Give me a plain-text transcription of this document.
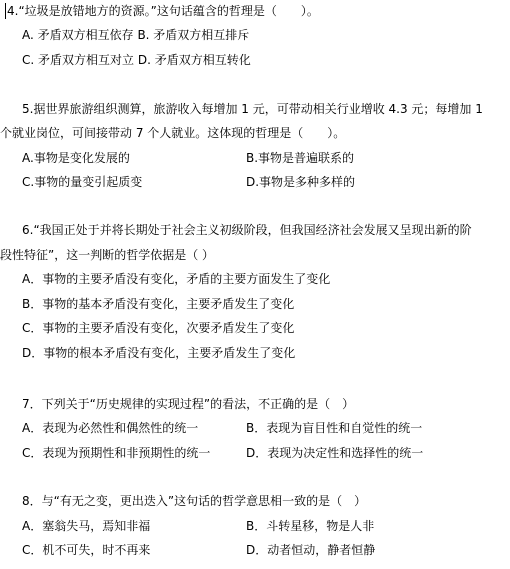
4.“垃圾是放错地方的资源。”这句话蕴含的哲理是（　　）。
A. 矛盾双方相互依存 B. 矛盾双方相互排斥
C. 矛盾双方相互对立 D. 矛盾双方相互转化
5.据世界旅游组织测算，旅游收入每增加 1 元，可带动相关行业增收 4.3 元；每增加 1
个就业岗位，可间接带动 7 个人就业。这体现的哲理是（　　）。
A.事物是变化发展的	B.事物是普遍联系的
C.事物的量变引起质变	D.事物是多种多样的
6.“我国正处于并将长期处于社会主义初级阶段，但我国经济社会发展又呈现出新的阶
段性特征”，这一判断的哲学依据是（ ）
A．事物的主要矛盾没有变化，矛盾的主要方面发生了变化
B．事物的基本矛盾没有变化，主要矛盾发生了变化
C．事物的主要矛盾没有变化，次要矛盾发生了变化
D．事物的根本矛盾没有变化，主要矛盾发生了变化
7．下列关于“历史规律的实现过程”的看法，不正确的是（　）
A．表现为必然性和偶然性的统一	B．表现为盲目性和自觉性的统一
C．表现为预期性和非预期性的统一	D．表现为决定性和选择性的统一
8．与“有无之变，更出迭入”这句话的哲学意思相一致的是（　）
A．塞翁失马，焉知非福	B．斗转星移，物是人非
C．机不可失，时不再来	D．动者恒动，静者恒静
